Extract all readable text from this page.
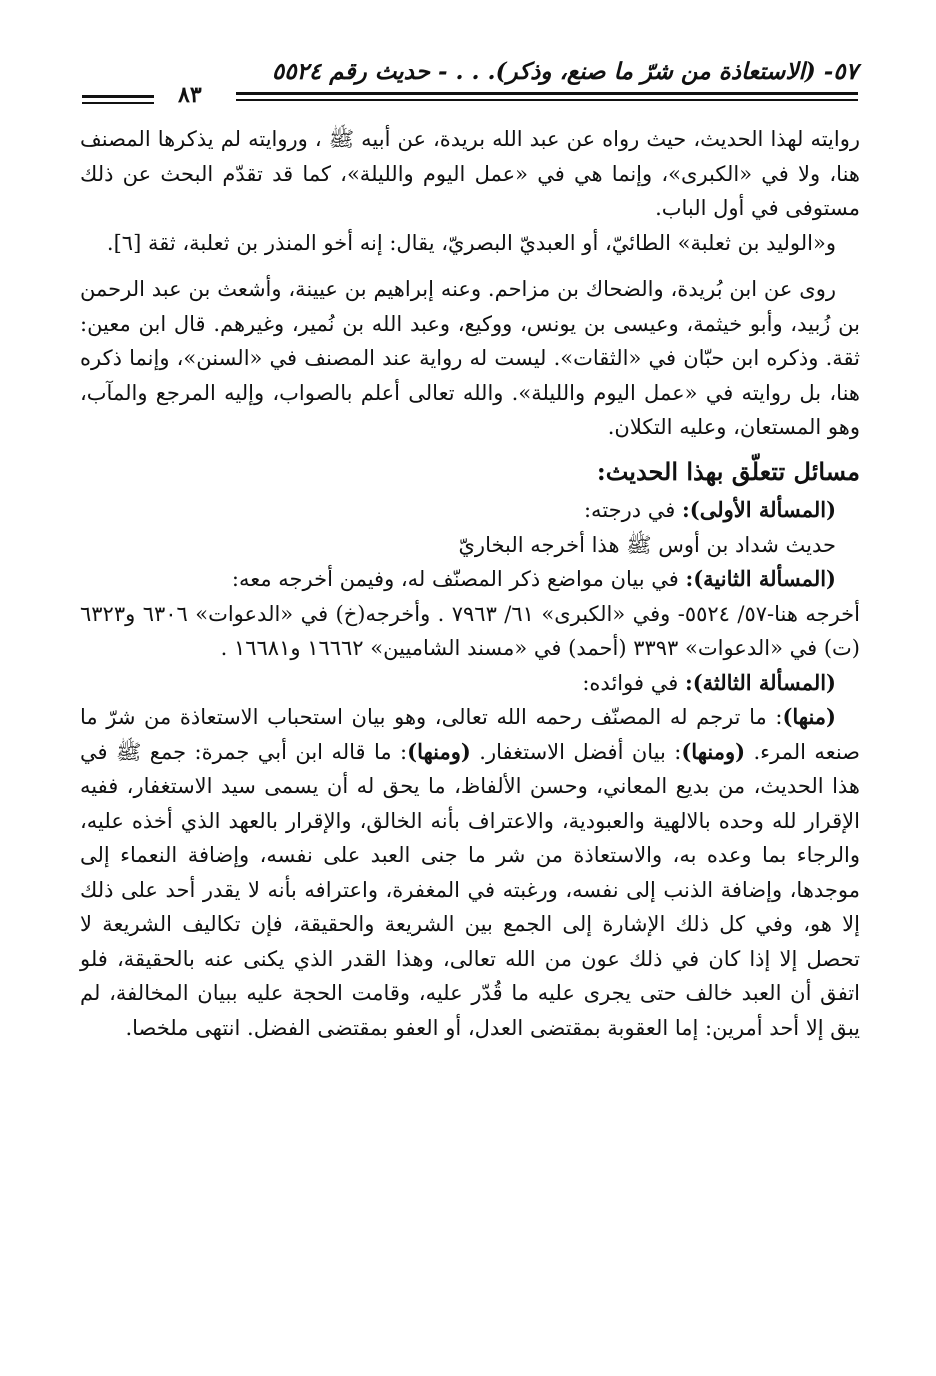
٥٧- (الاستعاذة من شرّ ما صنع، وذكر). . . - حديث رقم ٥٥٢٤
٨٣

روايته لهذا الحديث، حيث رواه عن عبد الله بريدة، عن أبيه ﷺ ، وروايته لم يذكرها المصنف هنا، ولا في «الكبرى»، وإنما هي في «عمل اليوم والليلة»، كما قد تقدّم البحث عن ذلك مستوفى في أول الباب.

و«الوليد بن ثعلبة» الطائيّ، أو العبديّ البصريّ، يقال: إنه أخو المنذر بن ثعلبة، ثقة [٦].

روى عن ابن بُريدة، والضحاك بن مزاحم. وعنه إبراهيم بن عيينة، وأشعث بن عبد الرحمن بن زُبيد، وأبو خيثمة، وعيسى بن يونس، ووكيع، وعبد الله بن نُمير، وغيرهم. قال ابن معين: ثقة. وذكره ابن حبّان في «الثقات». ليست له رواية عند المصنف في «السنن»، وإنما ذكره هنا، بل روايته في «عمل اليوم والليلة». والله تعالى أعلم بالصواب، وإليه المرجع والمآب، وهو المستعان، وعليه التكلان.

مسائل تتعلّق بهذا الحديث:

(المسألة الأولى): في درجته:

حديث شداد بن أوس ﷺ هذا أخرجه البخاريّ

(المسألة الثانية): في بيان مواضع ذكر المصنّف له، وفيمن أخرجه معه:

أخرجه هنا-٥٧/ ٥٥٢٤- وفي «الكبرى» ٦١/ ٧٩٦٣ . وأخرجه(خ) في «الدعوات» ٦٣٠٦ و٦٣٢٣ (ت) في «الدعوات» ٣٣٩٣ (أحمد) في «مسند الشاميين» ١٦٦٦٢ و١٦٦٨١ .

(المسألة الثالثة): في فوائده:

(منها): ما ترجم له المصنّف رحمه الله تعالى، وهو بيان استحباب الاستعاذة من شرّ ما صنعه المرء. (ومنها): بيان أفضل الاستغفار. (ومنها): ما قاله ابن أبي جمرة: جمع ﷺ في هذا الحديث، من بديع المعاني، وحسن الألفاظ، ما يحق له أن يسمى سيد الاستغفار، ففيه الإقرار لله وحده بالالهية والعبودية، والاعتراف بأنه الخالق، والإقرار بالعهد الذي أخذه عليه، والرجاء بما وعده به، والاستعاذة من شر ما جنى العبد على نفسه، وإضافة النعماء إلى موجدها، وإضافة الذنب إلى نفسه، ورغبته في المغفرة، واعترافه بأنه لا يقدر أحد على ذلك إلا هو، وفي كل ذلك الإشارة إلى الجمع بين الشريعة والحقيقة، فإن تكاليف الشريعة لا تحصل إلا إذا كان في ذلك عون من الله تعالى، وهذا القدر الذي يكنى عنه بالحقيقة، فلو اتفق أن العبد خالف حتى يجرى عليه ما قُدّر عليه، وقامت الحجة عليه ببيان المخالفة، لم يبق إلا أحد أمرين: إما العقوبة بمقتضى العدل، أو العفو بمقتضى الفضل. انتهى ملخصا.
